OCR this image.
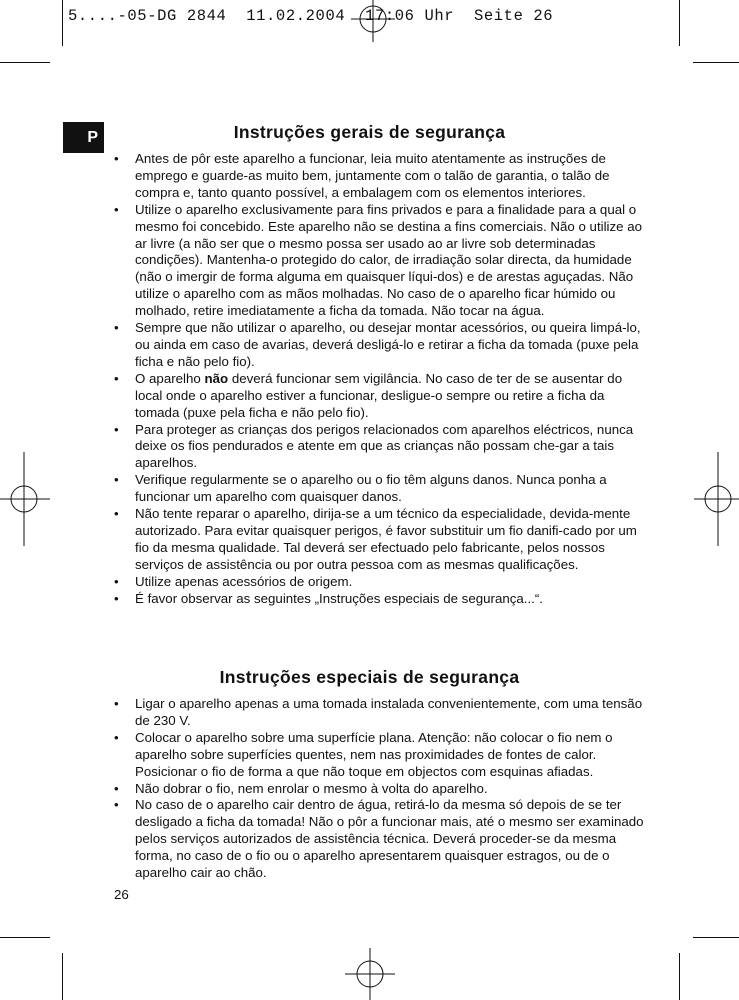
5....-05-DG 2844  11.02.2004  17:06 Uhr  Seite 26
P	Instruções gerais de segurança
• Antes de pôr este aparelho a funcionar, leia muito atentamente as instruções de emprego e guarde-as muito bem, juntamente com o talão de garantia, o talão de compra e, tanto quanto possível, a embalagem com os elementos interiores.
• Utilize o aparelho exclusivamente para fins privados e para a finalidade para a qual o mesmo foi concebido. Este aparelho não se destina a fins comerciais. Não o utilize ao ar livre (a não ser que o mesmo possa ser usado ao ar livre sob determinadas condições). Mantenha-o protegido do calor, de irradiação solar directa, da humidade (não o imergir de forma alguma em quaisquer líqui-dos) e de arestas aguçadas. Não utilize o aparelho com as mãos molhadas. No caso de o aparelho ficar húmido ou molhado, retire imediatamente a ficha da tomada. Não tocar na água.
• Sempre que não utilizar o aparelho, ou desejar montar acessórios, ou queira limpá-lo, ou ainda em caso de avarias, deverá desligá-lo e retirar a ficha da tomada (puxe pela ficha e não pelo fio).
• O aparelho não deverá funcionar sem vigilância. No caso de ter de se ausentar do local onde o aparelho estiver a funcionar, desligue-o sempre ou retire a ficha da tomada (puxe pela ficha e não pelo fio).
• Para proteger as crianças dos perigos relacionados com aparelhos eléctricos, nunca deixe os fios pendurados e atente em que as crianças não possam che-gar a tais aparelhos.
• Verifique regularmente se o aparelho ou o fio têm alguns danos. Nunca ponha a funcionar um aparelho com quaisquer danos.
• Não tente reparar o aparelho, dirija-se a um técnico da especialidade, devida-mente autorizado. Para evitar quaisquer perigos, é favor substituir um fio danifi-cado por um fio da mesma qualidade. Tal deverá ser efectuado pelo fabricante, pelos nossos serviços de assistência ou por outra pessoa com as mesmas qualificações.
• Utilize apenas acessórios de origem.
• É favor observar as seguintes „Instruções especiais de segurança...“.
Instruções especiais de segurança
• Ligar o aparelho apenas a uma tomada instalada convenientemente, com uma tensão de 230 V.
• Colocar o aparelho sobre uma superfície plana. Atenção: não colocar o fio nem o aparelho sobre superfícies quentes, nem nas proximidades de fontes de calor. Posicionar o fio de forma a que não toque em objectos com esquinas afiadas.
• Não dobrar o fio, nem enrolar o mesmo à volta do aparelho.
• No caso de o aparelho cair dentro de água, retirá-lo da mesma só depois de se ter desligado a ficha da tomada! Não o pôr a funcionar mais, até o mesmo ser examinado pelos serviços autorizados de assistência técnica. Deverá proceder-se da mesma forma, no caso de o fio ou o aparelho apresentarem quaisquer estragos, ou de o aparelho cair ao chão.
26
